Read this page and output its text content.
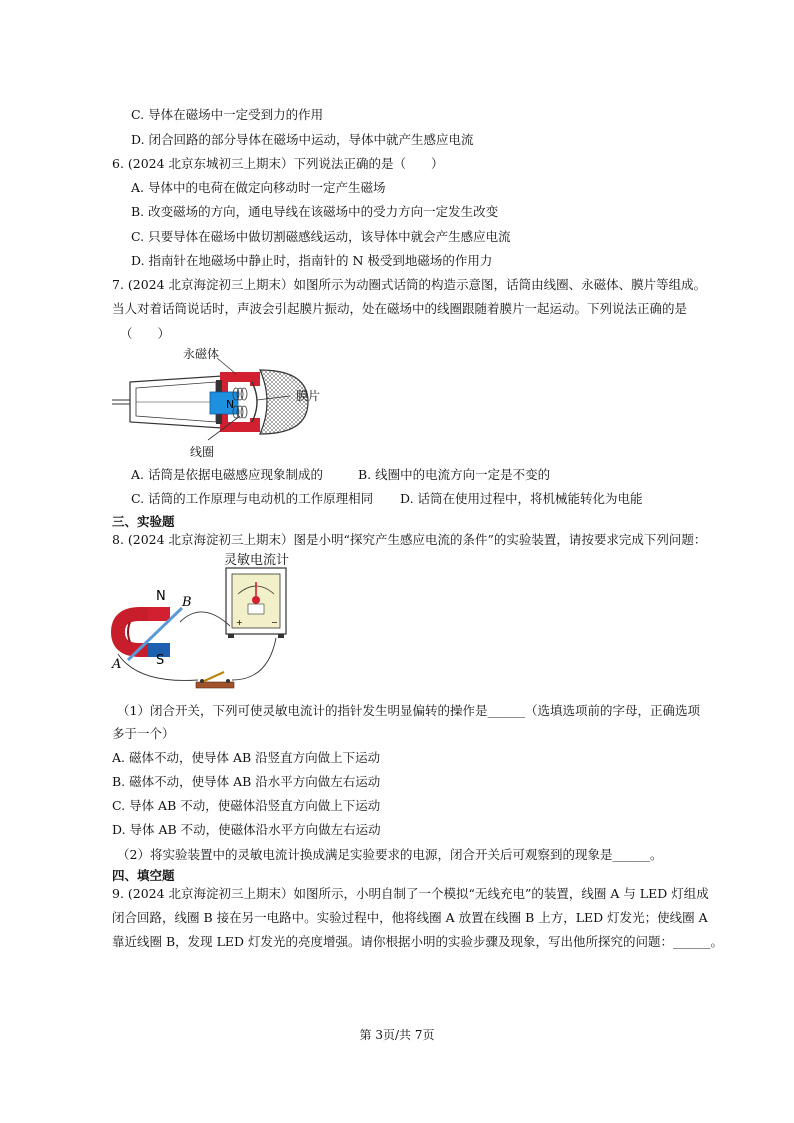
C. 导体在磁场中一定受到力的作用
D. 闭合回路的部分导体在磁场中运动，导体中就产生感应电流
6. (2024 北京东城初三上期末）下列说法正确的是（　　）
A. 导体中的电荷在做定向移动时一定产生磁场
B. 改变磁场的方向，通电导线在该磁场中的受力方向一定发生改变
C. 只要导体在磁场中做切割磁感线运动，该导体中就会产生感应电流
D. 指南针在地磁场中静止时，指南针的 N 极受到地磁场的作用力
7. (2024 北京海淀初三上期末）如图所示为动圈式话筒的构造示意图，话筒由线圈、永磁体、膜片等组成。
当人对着话筒说话时，声波会引起膜片振动，处在磁场中的线圈跟随着膜片一起运动。下列说法正确的是
（　　）
N
永磁体
膜片
线圈
A. 话筒是依据电磁感应现象制成的	B. 线圈中的电流方向一定是不变的
C. 话筒的工作原理与电动机的工作原理相同 D. 话筒在使用过程中，将机械能转化为电能
三、实验题
8. (2024 北京海淀初三上期末）图是小明“探究产生感应电流的条件”的实验装置，请按要求完成下列问题：
+	−
N
S
A
B
灵敏电流计
（1）闭合开关，下列可使灵敏电流计的指针发生明显偏转的操作是______（选填选项前的字母，正确选项
多于一个）
A. 磁体不动，使导体 AB 沿竖直方向做上下运动
B. 磁体不动，使导体 AB 沿水平方向做左右运动
C. 导体 AB 不动，使磁体沿竖直方向做上下运动
D. 导体 AB 不动，使磁体沿水平方向做左右运动
（2）将实验装置中的灵敏电流计换成满足实验要求的电源，闭合开关后可观察到的现象是______。
四、填空题
9. (2024 北京海淀初三上期末）如图所示，小明自制了一个模拟“无线充电”的装置，线圈 A 与 LED 灯组成
闭合回路，线圈 B 接在另一电路中。实验过程中，他将线圈 A 放置在线圈 B 上方，LED 灯发光；使线圈 A
靠近线圈 B，发现 LED 灯发光的亮度增强。请你根据小明的实验步骤及现象，写出他所探究的问题：______。
第 3页/共 7页
